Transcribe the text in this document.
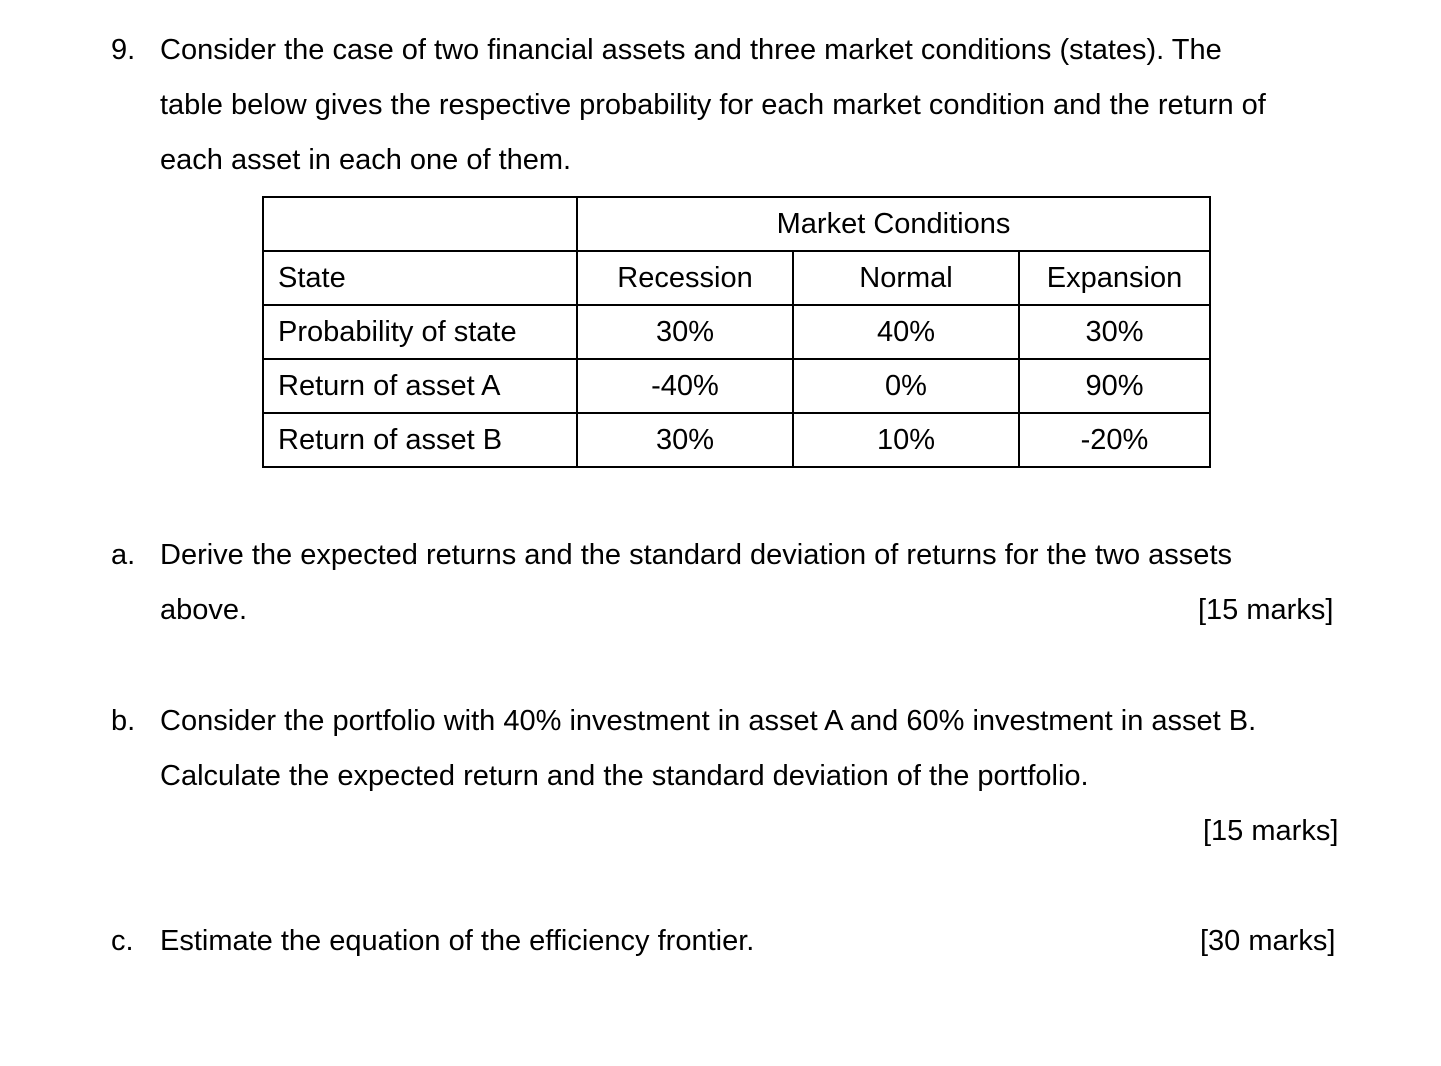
9. Consider the case of two financial assets and three market conditions (states). The
table below gives the respective probability for each market condition and the return of
each asset in each one of them.
	Market Conditions		
State	Recession	Normal	Expansion
Probability of state	30%	40%	30%
Return of asset A	-40%	0%	90%
Return of asset B	30%	10%	-20%
a. Derive the expected returns and the standard deviation of returns for the two assets
above.	[15 marks]
b. Consider the portfolio with 40% investment in asset A and 60% investment in asset B.
Calculate the expected return and the standard deviation of the portfolio.
[15 marks]
c. Estimate the equation of the efficiency frontier.	[30 marks]
